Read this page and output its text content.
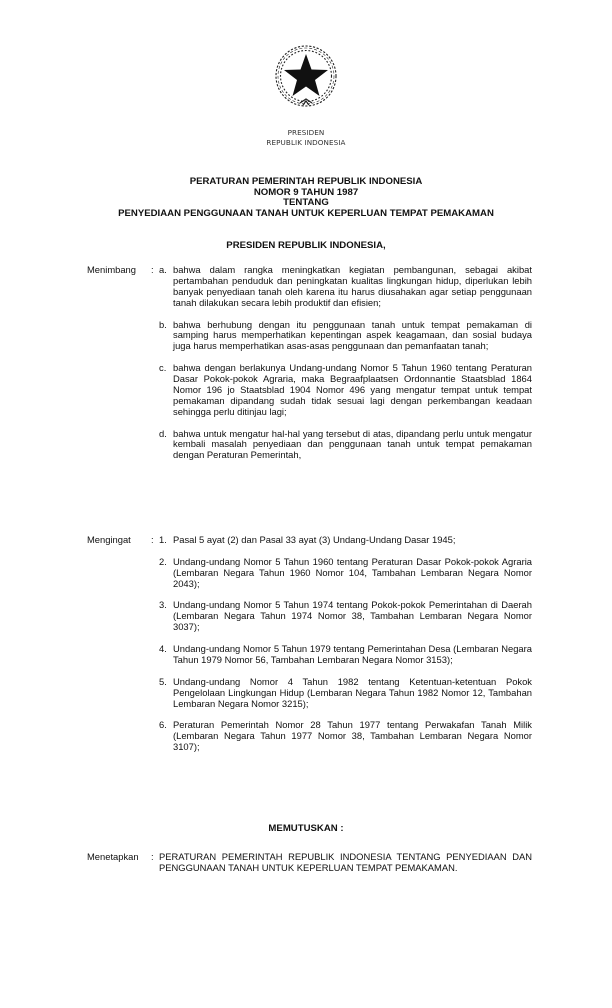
PRESIDEN
REPUBLIK INDONESIA
PERATURAN PEMERINTAH REPUBLIK INDONESIA
NOMOR 9 TAHUN 1987
TENTANG
PENYEDIAAN PENGGUNAAN TANAH UNTUK KEPERLUAN TEMPAT PEMAKAMAN
PRESIDEN REPUBLIK INDONESIA,
Menimbang	: a. bahwa dalam rangka meningkatkan kegiatan pembangunan, sebagai akibat pertambahan penduduk dan peningkatan kualitas lingkungan hidup, diperlukan lebih banyak penyediaan tanah oleh karena itu harus diusahakan agar setiap penggunaan tanah dilakukan secara lebih produktif dan efisien;
b. bahwa berhubung dengan itu penggunaan tanah untuk tempat pemakaman di samping harus memperhatikan kepentingan aspek keagamaan, dan sosial budaya juga harus memperhatikan asas-asas penggunaan dan pemanfaatan tanah;
c. bahwa dengan berlakunya Undang-undang Nomor 5 Tahun 1960 tentang Peraturan Dasar Pokok-pokok Agraria, maka Begraafplaatsen Ordonnantie Staatsblad 1864 Nomor 196 jo Staatsblad 1904 Nomor 496 yang mengatur tempat untuk tempat pemakaman dipandang sudah tidak sesuai lagi dengan perkembangan keadaan sehingga perlu ditinjau lagi;
d. bahwa untuk mengatur hal-hal yang tersebut di atas, dipandang perlu untuk mengatur kembali masalah penyediaan dan penggunaan tanah untuk tempat pemakaman dengan Peraturan Pemerintah,
Mengingat	: 1. Pasal 5 ayat (2) dan Pasal 33 ayat (3) Undang-Undang Dasar 1945;
2. Undang-undang Nomor 5 Tahun 1960 tentang Peraturan Dasar Pokok-pokok Agraria (Lembaran Negara Tahun 1960 Nomor 104, Tambahan Lembaran Negara Nomor 2043);
3. Undang-undang Nomor 5 Tahun 1974 tentang Pokok-pokok Pemerintahan di Daerah (Lembaran Negara Tahun 1974 Nomor 38, Tambahan Lembaran Negara Nomor 3037);
4. Undang-undang Nomor 5 Tahun 1979 tentang Pemerintahan Desa (Lembaran Negara Tahun 1979 Nomor 56, Tambahan Lembaran Negara Nomor 3153);
5. Undang-undang Nomor 4 Tahun 1982 tentang Ketentuan-ketentuan Pokok Pengelolaan Lingkungan Hidup (Lembaran Negara Tahun 1982 Nomor 12, Tambahan Lembaran Negara Nomor 3215);
6. Peraturan Pemerintah Nomor 28 Tahun 1977 tentang Perwakafan Tanah Milik (Lembaran Negara Tahun 1977 Nomor 38, Tambahan Lembaran Negara Nomor 3107);
MEMUTUSKAN :
Menetapkan	: PERATURAN PEMERINTAH REPUBLIK INDONESIA TENTANG PENYEDIAAN DAN PENGGUNAAN TANAH UNTUK KEPERLUAN TEMPAT PEMAKAMAN.
